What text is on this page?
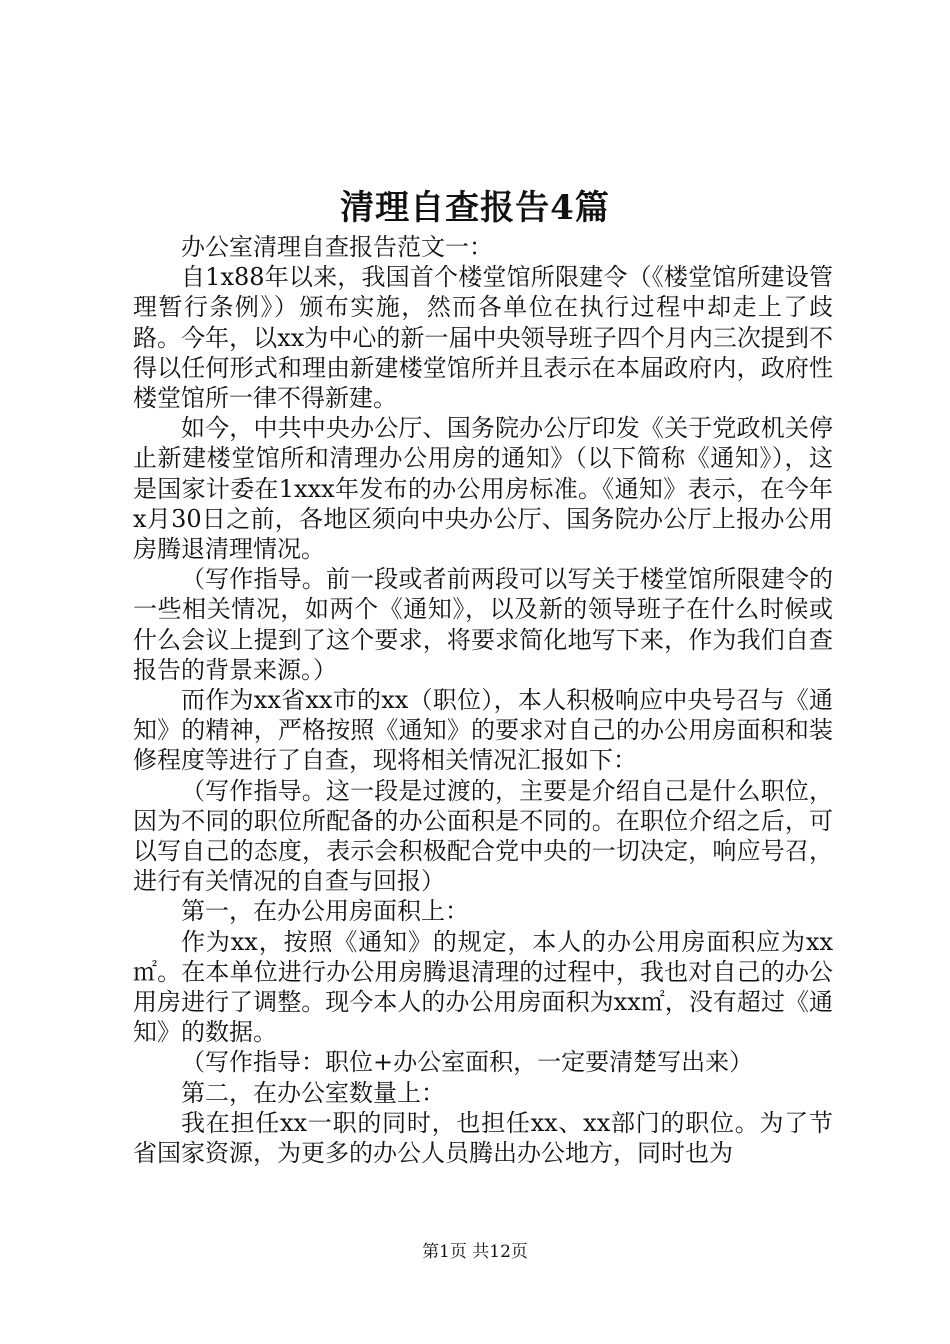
清理自查报告4篇

办公室清理自查报告范文一：

自1x88年以来，我国首个楼堂馆所限建令（《楼堂馆所建设管理暂行条例》）颁布实施，然而各单位在执行过程中却走上了歧路。今年，以xx为中心的新一届中央领导班子四个月内三次提到不得以任何形式和理由新建楼堂馆所并且表示在本届政府内，政府性楼堂馆所一律不得新建。

如今，中共中央办公厅、国务院办公厅印发《关于党政机关停止新建楼堂馆所和清理办公用房的通知》（以下简称《通知》），这是国家计委在1xxx年发布的办公用房标准。《通知》表示，在今年x月30日之前，各地区须向中央办公厅、国务院办公厅上报办公用房腾退清理情况。

（写作指导。前一段或者前两段可以写关于楼堂馆所限建令的一些相关情况，如两个《通知》，以及新的领导班子在什么时候或什么会议上提到了这个要求，将要求简化地写下来，作为我们自查报告的背景来源。）

而作为xx省xx市的xx（职位），本人积极响应中央号召与《通知》的精神，严格按照《通知》的要求对自己的办公用房面积和装修程度等进行了自查，现将相关情况汇报如下：

（写作指导。这一段是过渡的，主要是介绍自己是什么职位，因为不同的职位所配备的办公面积是不同的。在职位介绍之后，可以写自己的态度，表示会积极配合党中央的一切决定，响应号召，进行有关情况的自查与回报）

第一，在办公用房面积上：

作为xx，按照《通知》的规定，本人的办公用房面积应为xx㎡。在本单位进行办公用房腾退清理的过程中，我也对自己的办公用房进行了调整。现今本人的办公用房面积为xx㎡，没有超过《通知》的数据。

（写作指导：职位+办公室面积，一定要清楚写出来）

第二，在办公室数量上：

我在担任xx一职的同时，也担任xx、xx部门的职位。为了节省国家资源，为更多的办公人员腾出办公地方，同时也为

第1页 共12页
